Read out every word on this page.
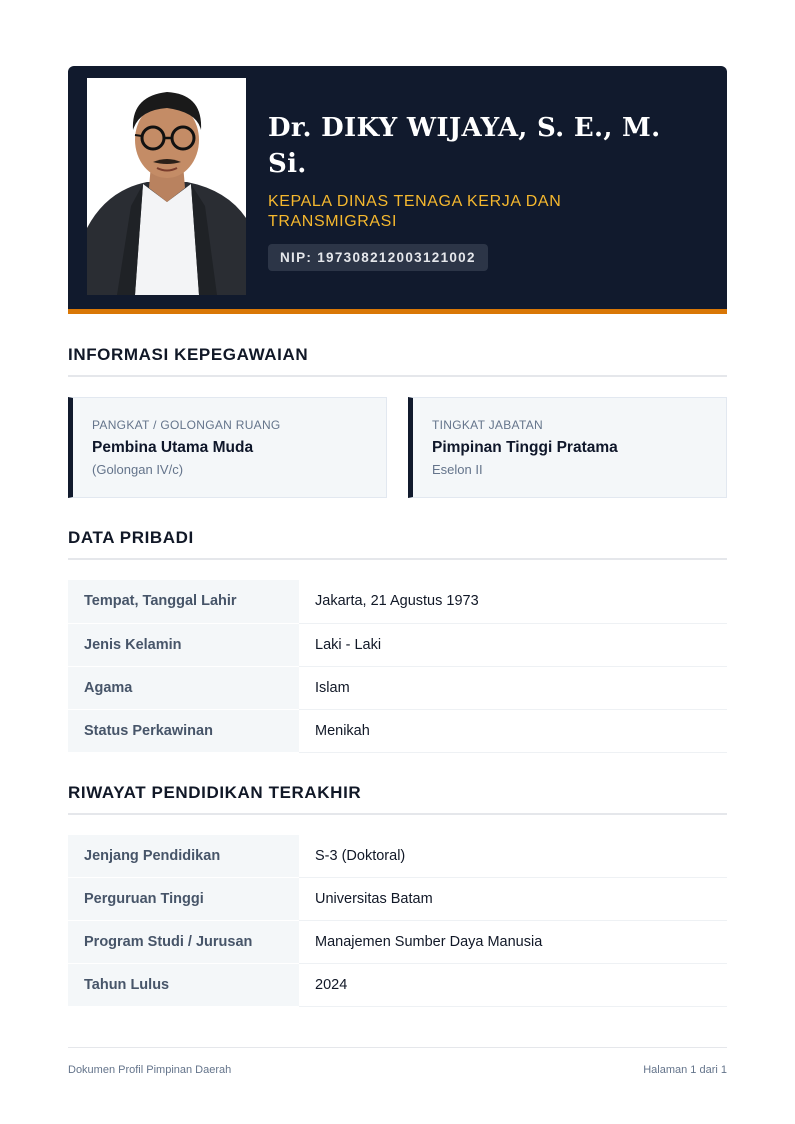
Dr. DIKY WIJAYA, S. E., M. Si.
KEPALA DINAS TENAGA KERJA DAN TRANSMIGRASI
NIP: 197308212003121002
INFORMASI KEPEGAWAIAN
PANGKAT / GOLONGAN RUANG
Pembina Utama Muda
(Golongan IV/c)
TINGKAT JABATAN
Pimpinan Tinggi Pratama
Eselon II
DATA PRIBADI
Tempat, Tanggal Lahir	Jakarta, 21 Agustus 1973
Jenis Kelamin	Laki - Laki
Agama	Islam
Status Perkawinan	Menikah
RIWAYAT PENDIDIKAN TERAKHIR
Jenjang Pendidikan	S-3 (Doktoral)
Perguruan Tinggi	Universitas Batam
Program Studi / Jurusan	Manajemen Sumber Daya Manusia
Tahun Lulus	2024
Dokumen Profil Pimpinan Daerah	Halaman 1 dari 1
